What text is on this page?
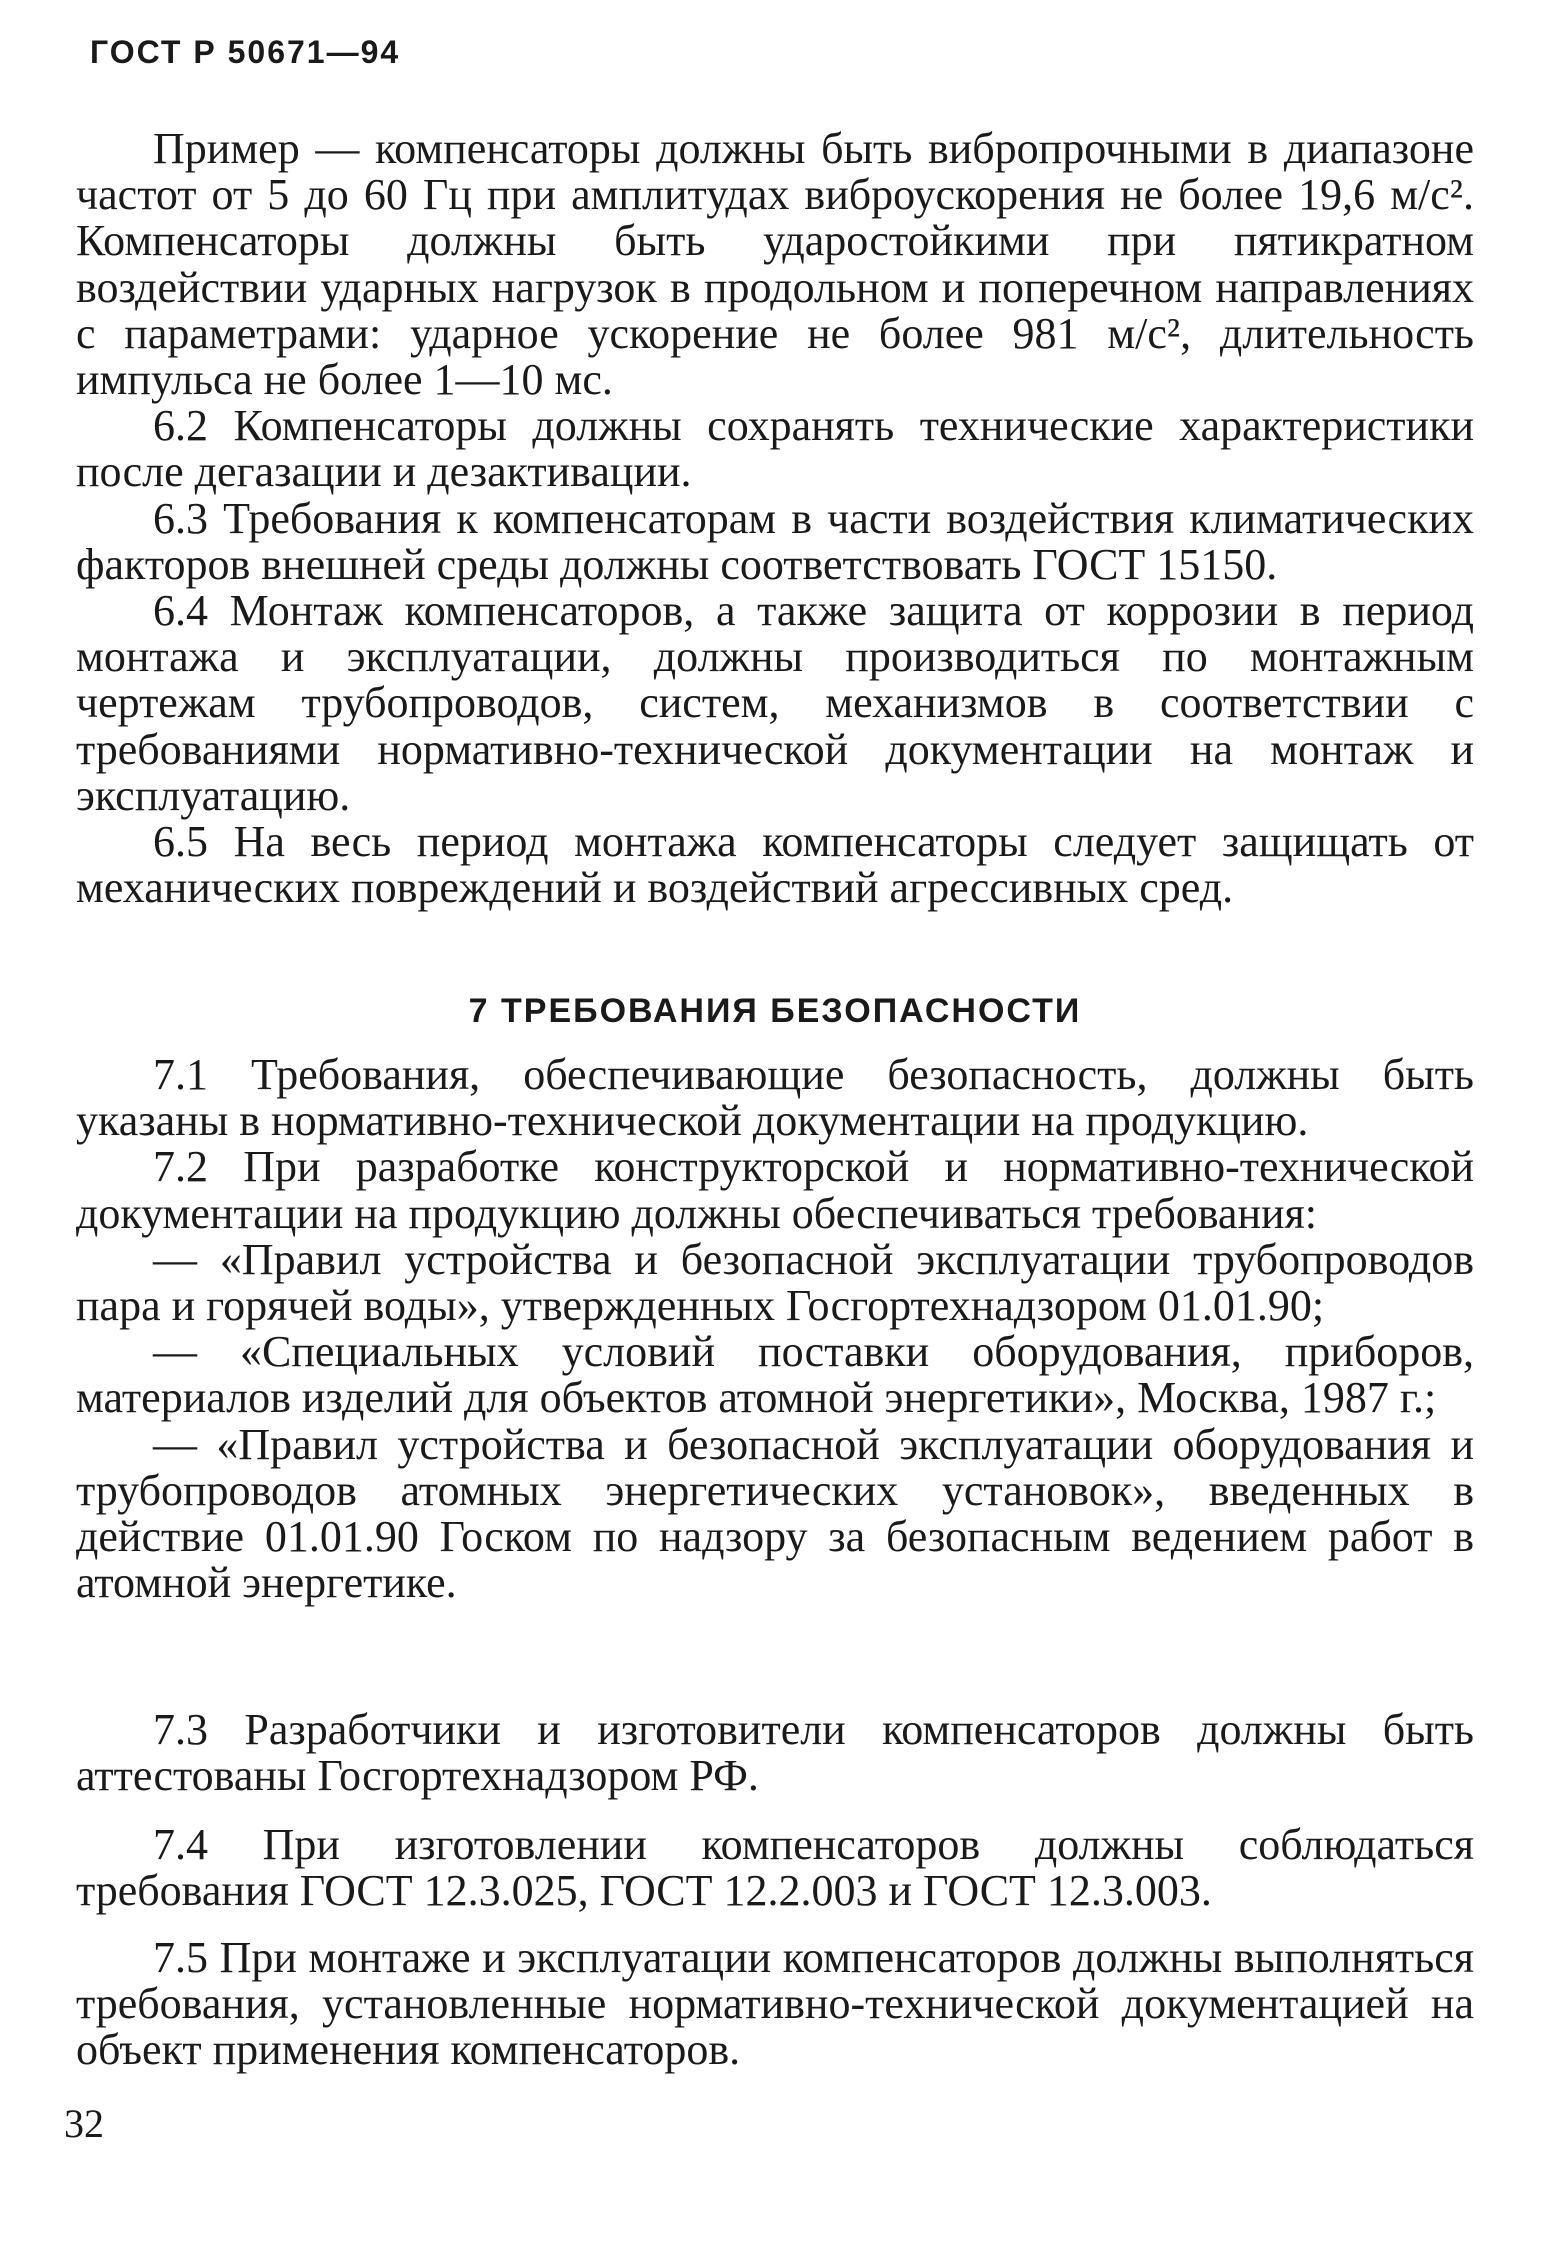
ГОСТ Р 50671—94

Пример — компенсаторы должны быть вибропрочными в диапазоне частот от 5 до 60 Гц при амплитудах виброускорения не более 19,6 м/с². Компенсаторы должны быть ударостойкими при пятикратном воздействии ударных нагрузок в продольном и поперечном направлениях с параметрами: ударное ускорение не более 981 м/с², длительность импульса не более 1—10 мс.

6.2 Компенсаторы должны сохранять технические характеристики после дегазации и дезактивации.

6.3 Требования к компенсаторам в части воздействия климатических факторов внешней среды должны соответствовать ГОСТ 15150.

6.4 Монтаж компенсаторов, а также защита от коррозии в период монтажа и эксплуатации, должны производиться по монтажным чертежам трубопроводов, систем, механизмов в соответствии с требованиями нормативно-технической документации на монтаж и эксплуатацию.

6.5 На весь период монтажа компенсаторы следует защищать от механических повреждений и воздействий агрессивных сред.

7 ТРЕБОВАНИЯ БЕЗОПАСНОСТИ

7.1 Требования, обеспечивающие безопасность, должны быть указаны в нормативно-технической документации на продукцию.

7.2 При разработке конструкторской и нормативно-технической документации на продукцию должны обеспечиваться требования:

— «Правил устройства и безопасной эксплуатации трубопроводов пара и горячей воды», утвержденных Госгортехнадзором 01.01.90;

— «Специальных условий поставки оборудования, приборов, материалов изделий для объектов атомной энергетики», Москва, 1987 г.;

— «Правил устройства и безопасной эксплуатации оборудования и трубопроводов атомных энергетических установок», введенных в действие 01.01.90 Госком по надзору за безопасным ведением работ в атомной энергетике.

7.3 Разработчики и изготовители компенсаторов должны быть аттестованы Госгортехнадзором РФ.

7.4 При изготовлении компенсаторов должны соблюдаться требования ГОСТ 12.3.025, ГОСТ 12.2.003 и ГОСТ 12.3.003.

7.5 При монтаже и эксплуатации компенсаторов должны выполняться требования, установленные нормативно-технической документацией на объект применения компенсаторов.

32
